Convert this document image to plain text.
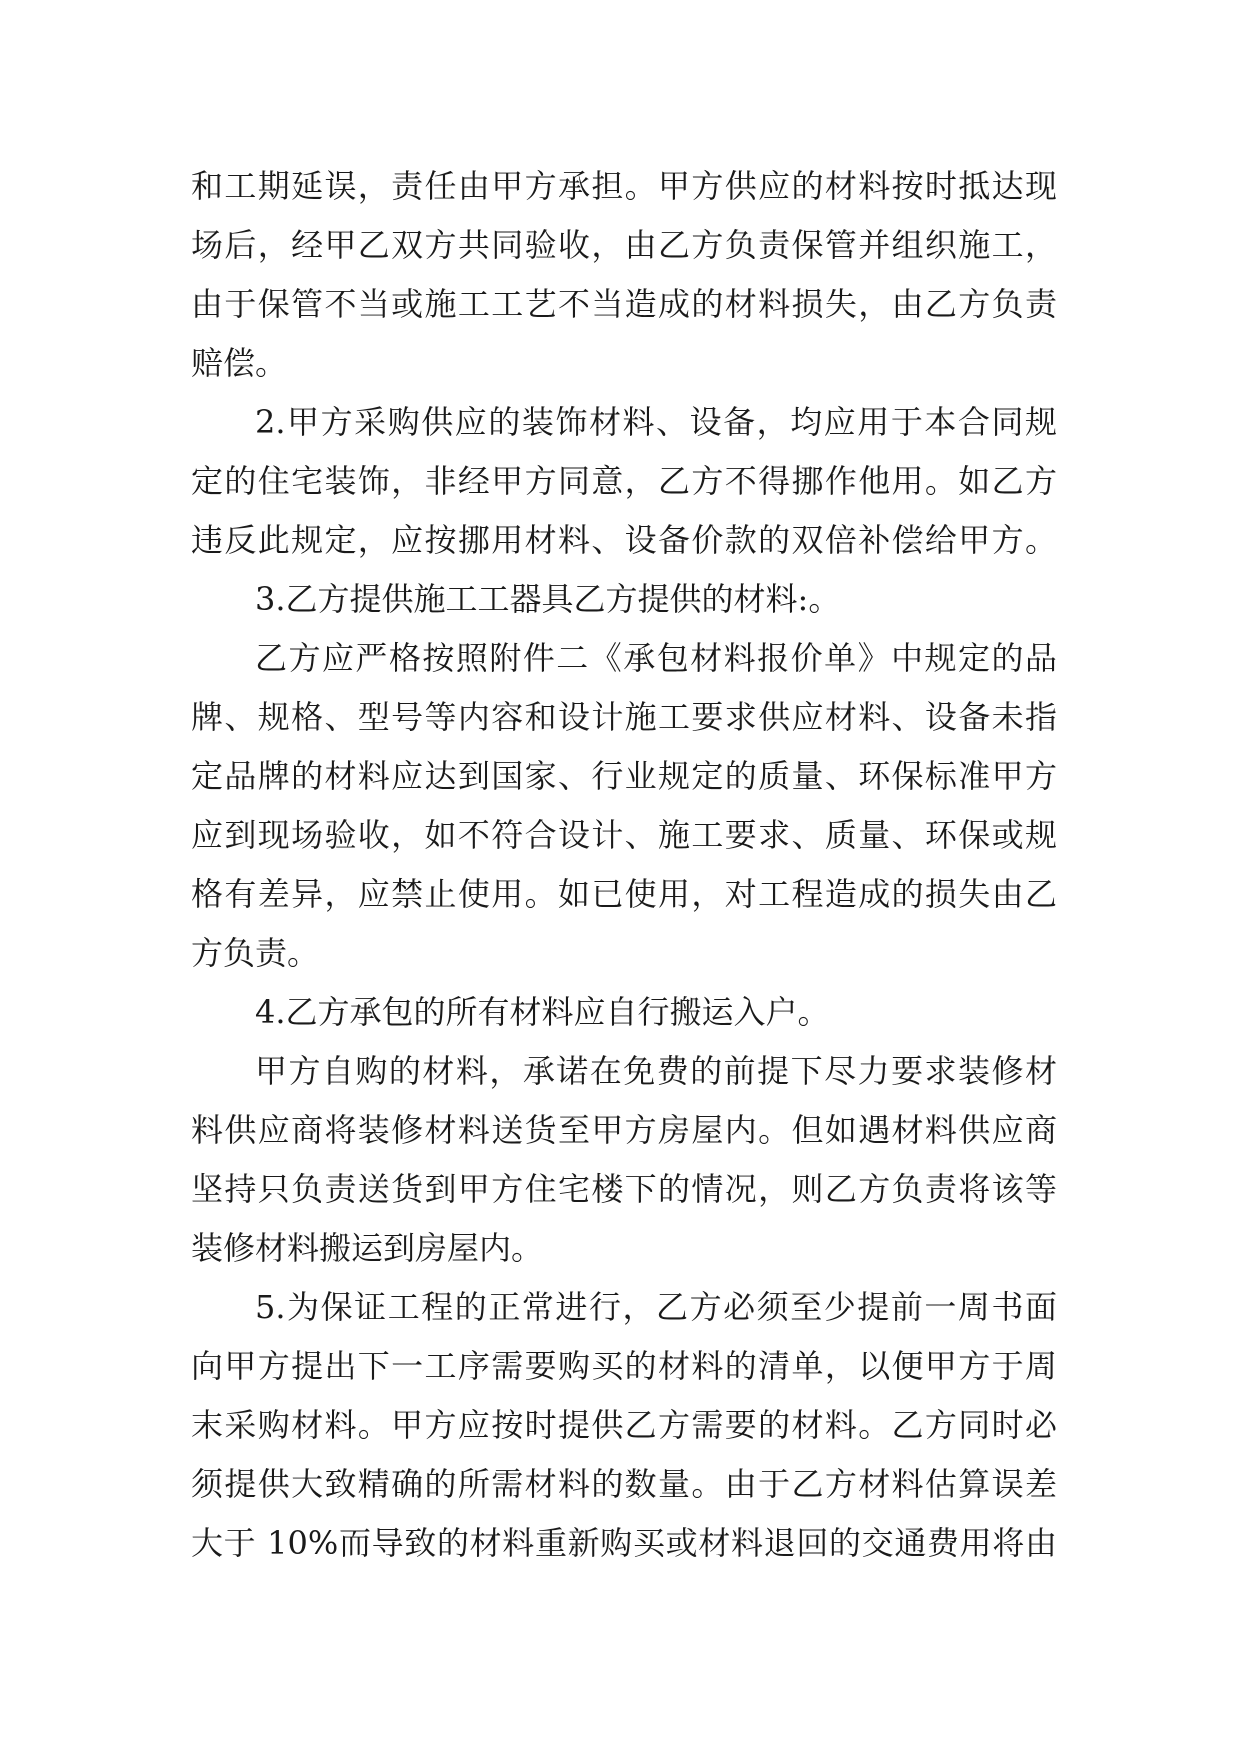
和工期延误，责任由甲方承担。甲方供应的材料按时抵达现
场后，经甲乙双方共同验收，由乙方负责保管并组织施工，
由于保管不当或施工工艺不当造成的材料损失，由乙方负责
赔偿。
2.甲方采购供应的装饰材料、设备，均应用于本合同规
定的住宅装饰，非经甲方同意，乙方不得挪作他用。如乙方
违反此规定，应按挪用材料、设备价款的双倍补偿给甲方。
3.乙方提供施工工器具乙方提供的材料:。
乙方应严格按照附件二《承包材料报价单》中规定的品
牌、规格、型号等内容和设计施工要求供应材料、设备未指
定品牌的材料应达到国家、行业规定的质量、环保标准甲方
应到现场验收，如不符合设计、施工要求、质量、环保或规
格有差异，应禁止使用。如已使用，对工程造成的损失由乙
方负责。
4.乙方承包的所有材料应自行搬运入户。
甲方自购的材料，承诺在免费的前提下尽力要求装修材
料供应商将装修材料送货至甲方房屋内。但如遇材料供应商
坚持只负责送货到甲方住宅楼下的情况，则乙方负责将该等
装修材料搬运到房屋内。
5.为保证工程的正常进行，乙方必须至少提前一周书面
向甲方提出下一工序需要购买的材料的清单，以便甲方于周
末采购材料。甲方应按时提供乙方需要的材料。乙方同时必
须提供大致精确的所需材料的数量。由于乙方材料估算误差
大于 10%而导致的材料重新购买或材料退回的交通费用将由
